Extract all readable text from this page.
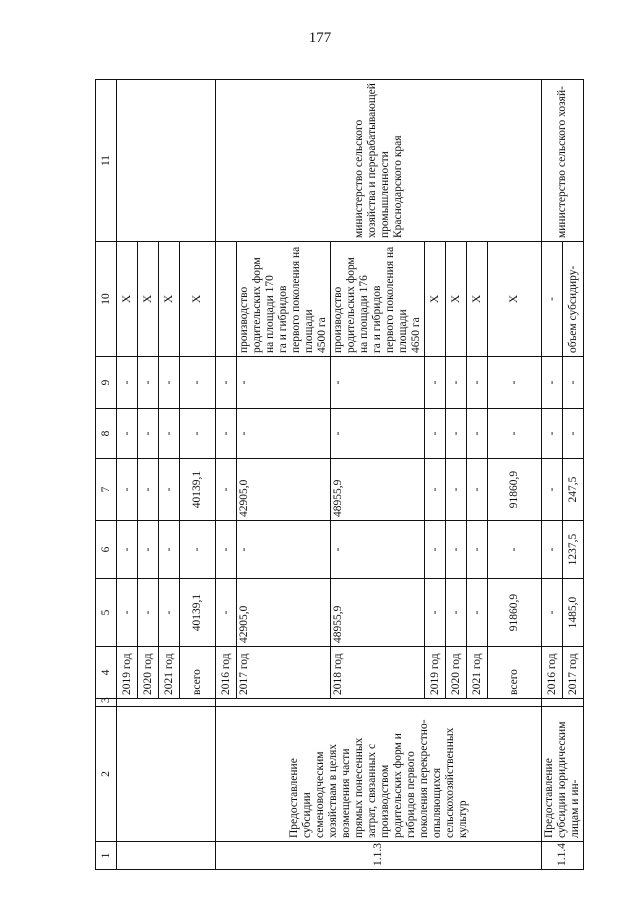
177
1	2	3	4	5	6	7	8	9	10	11
			2019 год	-	-	-	-	-	X	
			2020 год	-	-	-	-	-	X	
			2021 год	-	-	-	-	-	X	
			всего	40139,1	-	40139,1	-	-	X	
1.1.3	Предоставление субсидии семеноводческим хозяйствам в целях возмещения части прямых понесенных затрат, связанных с производством родительских форм и гибридов первого поколения перекрестно-опыляющихся сельскохозяйственных культур		2016 год	-	-	-	-	-		министерство сельского хозяйства и перерабатывающей промышленности Краснодарского края
			2017 год	42905,0	-	42905,0	-	-	производство родительских форм
на площади 170
га и гибридов
первого поколения на площади
4500 га	
			2018 год	48955,9	-	48955,9	-	-	производство родительских форм
на площади 176
га и гибридов
первого поколения на площади
4650 га	
			2019 год	-	-	-	-	-	X	
			2020 год	-	-	-	-	-	X	
			2021 год	-	-	-	-	-	X	
			всего	91860,9	-	91860,9	-	-	X	
1.1.4	Предоставление субсидии юридическим лицам и ин-		2016 год	-	-	-	-	-	-	министерство сельского хозяй-
			2017 год	1485,0	1237,5	247,5	-	-	объем субсидиру-	
